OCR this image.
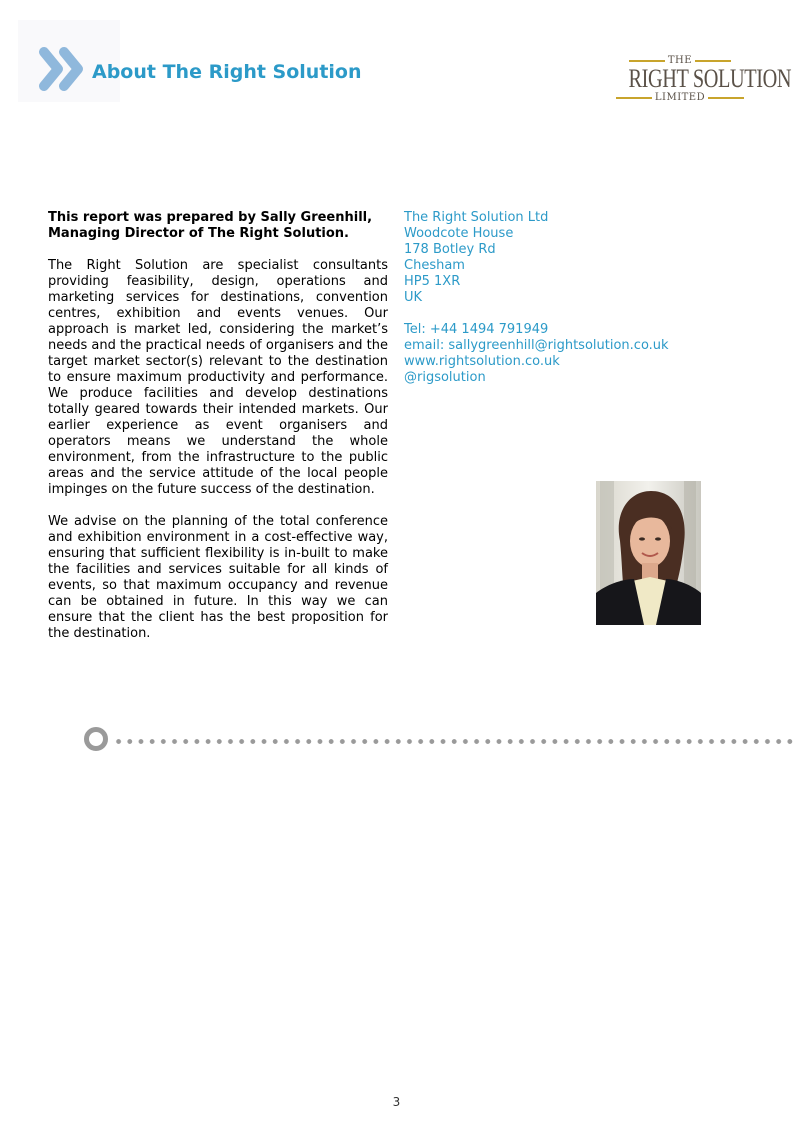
About The Right Solution
THE
RIGHT SOLUTION
LIMITED

This report was prepared by Sally Greenhill, Managing Director of The Right Solution.

The Right Solution are specialist consultants providing feasibility, design, operations and marketing services for destinations, convention centres, exhibition and events venues. Our approach is market led, considering the market’s needs and the practical needs of organisers and the target market sector(s) relevant to the destination to ensure maximum productivity and performance. We produce facilities and develop destinations totally geared towards their intended markets. Our earlier experience as event organisers and operators means we understand the whole environment, from the infrastructure to the public areas and the service attitude of the local people impinges on the future success of the destination.

We advise on the planning of the total conference and exhibition environment in a cost-effective way, ensuring that sufficient flexibility is in-built to make the facilities and services suitable for all kinds of events, so that maximum occupancy and revenue can be obtained in future. In this way we can ensure that the client has the best proposition for the destination.

The Right Solution Ltd
Woodcote House
178 Botley Rd
Chesham
HP5 1XR
UK
Tel: +44 1494 791949
email: sallygreenhill@rightsolution.co.uk
www.rightsolution.co.uk
@rigsolution
3
